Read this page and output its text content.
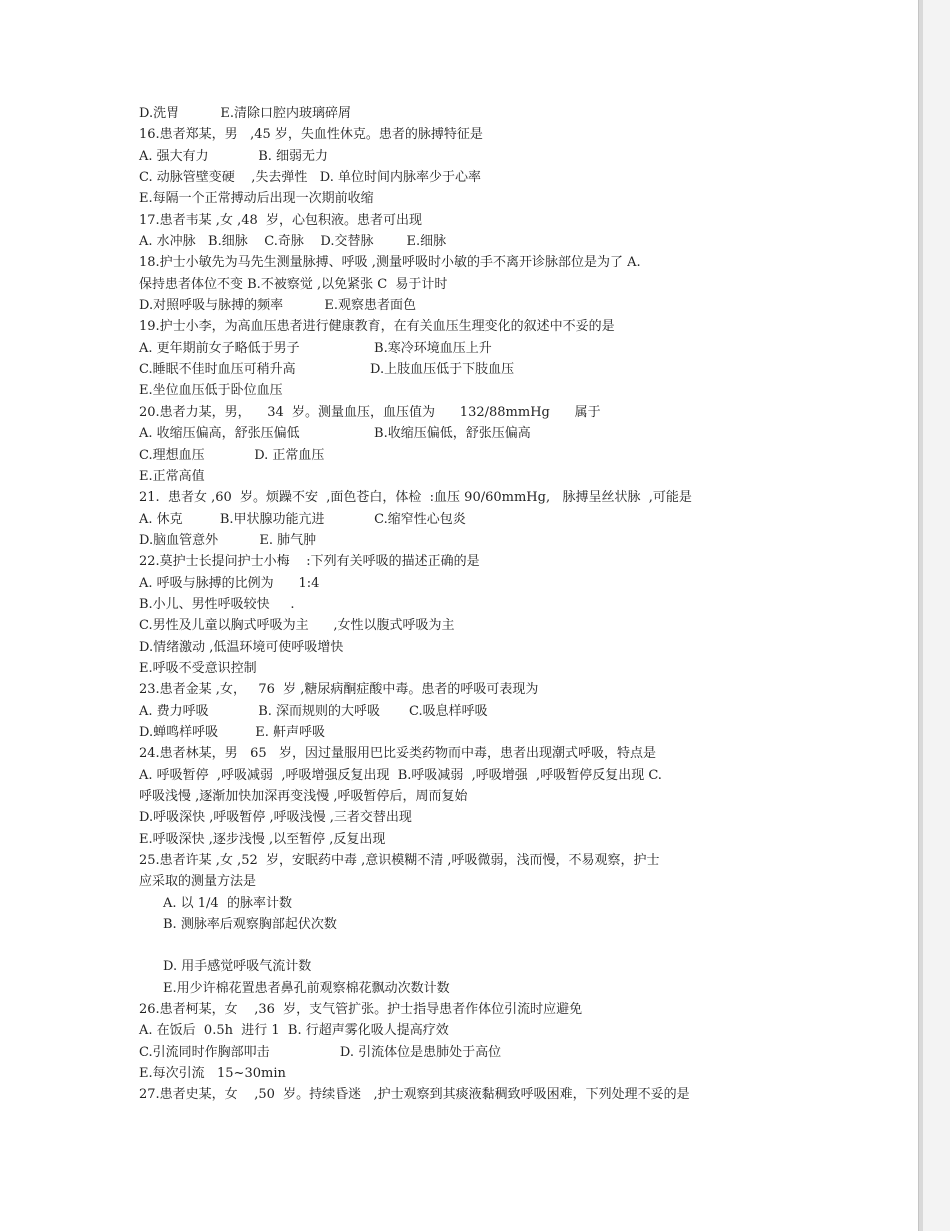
D.洗胃          E.清除口腔内玻璃碎屑
16.患者郑某，男   ,45 岁，失血性休克。患者的脉搏特征是
A. 强大有力            B. 细弱无力
C. 动脉管壁变硬    ,失去弹性   D. 单位时间内脉率少于心率
E.每隔一个正常搏动后出现一次期前收缩
17.患者韦某 ,女 ,48  岁，心包积液。患者可出现
A. 水冲脉   B.细脉    C.奇脉    D.交替脉        E.细脉
18.护士小敏先为马先生测量脉搏、呼吸 ,测量呼吸时小敏的手不离开诊脉部位是为了 A.
保持患者体位不变 B.不被察觉 ,以免紧张 C  易于计时
D.对照呼吸与脉搏的频率          E.观察患者面色
19.护士小李，为高血压患者进行健康教育，在有关血压生理变化的叙述中不妥的是
A. 更年期前女子略低于男子                  B.寒冷环境血压上升
C.睡眠不佳时血压可稍升高                  D.上肢血压低于下肢血压
E.坐位血压低于卧位血压
20.患者力某，男，    34  岁。测量血压，血压值为      132/88mmHg      属于
A. 收缩压偏高，舒张压偏低                  B.收缩压偏低，舒张压偏高
C.理想血压            D. 正常血压
E.正常高值
21.  患者女 ,60  岁。烦躁不安  ,面色苍白，体检  :血压 90/60mmHg,   脉搏呈丝状脉  ,可能是
A. 休克         B.甲状腺功能亢进            C.缩窄性心包炎
D.脑血管意外          E. 肺气肿
22.莫护士长提问护士小梅    :下列有关呼吸的描述正确的是
A. 呼吸与脉搏的比例为      1:4
B.小儿、男性呼吸较快     .
C.男性及儿童以胸式呼吸为主      ,女性以腹式呼吸为主
D.情绪激动 ,低温环境可使呼吸增快
E.呼吸不受意识控制
23.患者金某 ,女，   76  岁 ,糖尿病酮症酸中毒。患者的呼吸可表现为
A. 费力呼吸            B. 深而规则的大呼吸       C.吸息样呼吸
D.蝉鸣样呼吸         E. 鼾声呼吸
24.患者林某，男   65   岁，因过量服用巴比妥类药物而中毒，患者出现潮式呼吸，特点是
A. 呼吸暂停  ,呼吸减弱  ,呼吸增强反复出现  B.呼吸减弱  ,呼吸增强  ,呼吸暂停反复出现 C.
呼吸浅慢 ,逐渐加快加深再变浅慢 ,呼吸暂停后，周而复始
D.呼吸深快 ,呼吸暂停 ,呼吸浅慢 ,三者交替出现
E.呼吸深快 ,逐步浅慢 ,以至暂停 ,反复出现
25.患者许某 ,女 ,52  岁，安眠药中毒 ,意识模糊不清 ,呼吸微弱，浅而慢，不易观察，护士
应采取的测量方法是
A. 以 1/4  的脉率计数
B. 测脉率后观察胸部起伏次数
D. 用手感觉呼吸气流计数
E.用少许棉花置患者鼻孔前观察棉花飘动次数计数
26.患者柯某，女    ,36  岁，支气管扩张。护士指导患者作体位引流时应避免
A. 在饭后  0.5h  进行 1  B. 行超声雾化吸人提高疗效
C.引流同时作胸部叩击                 D. 引流体位是患肺处于高位
E.每次引流   15~30min
27.患者史某，女    ,50  岁。持续昏迷   ,护士观察到其痰液黏稠致呼吸困难，下列处理不妥的是
